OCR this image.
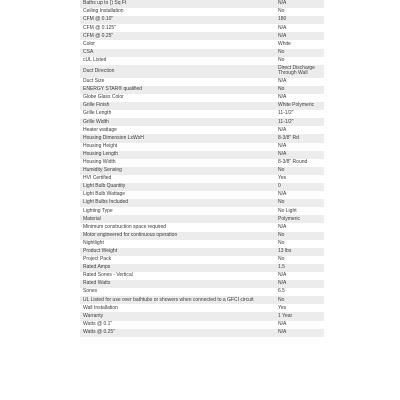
Baths up to () Sq Ft	N/A
Ceiling Installation	No
CFM @ 0.10"	180
CFM @ 0.125"	N/A
CFM @ 0.25"	N/A
Color	White
CSA	No
cUL Listed	No
Duct Direction	Direct Discharge Through Wall
Duct Size	N/A
ENERGY STAR® qualified	No
Globe Glass Color	N/A
Grille Finish	White Polymeric
Grille Length	11-1/2"
Grille Width	11-1/2"
Heater wattage	N/A
Housing Dimension LxWxH	8-3/8" Rd
Housing Height	N/A
Housing Length	N/A
Housing Width	8-3/8" Round
Humidity Sensing	No
HVI Certified	Yes
Light Bulb Quantity	0
Light Bulb Wattage	N/A
Light Bulbs Included	No
Lighting Type	No Light
Material	Polymeric
Minimum construction space required	N/A
Motor engineered for continuous operation	No
Nightlight	No
Product Weight	13 lbs
Project Pack	No
Rated Amps	1.5
Rated Sones - Vertical	N/A
Rated Watts	N/A
Sones	6.5
UL Listed for use over bathtubs or showers when connected to a GFCI circuit	No
Wall Installation	Yes
Warranty	1 Year
Watts @ 0.1"	N/A
Watts @ 0.25"	N/A
